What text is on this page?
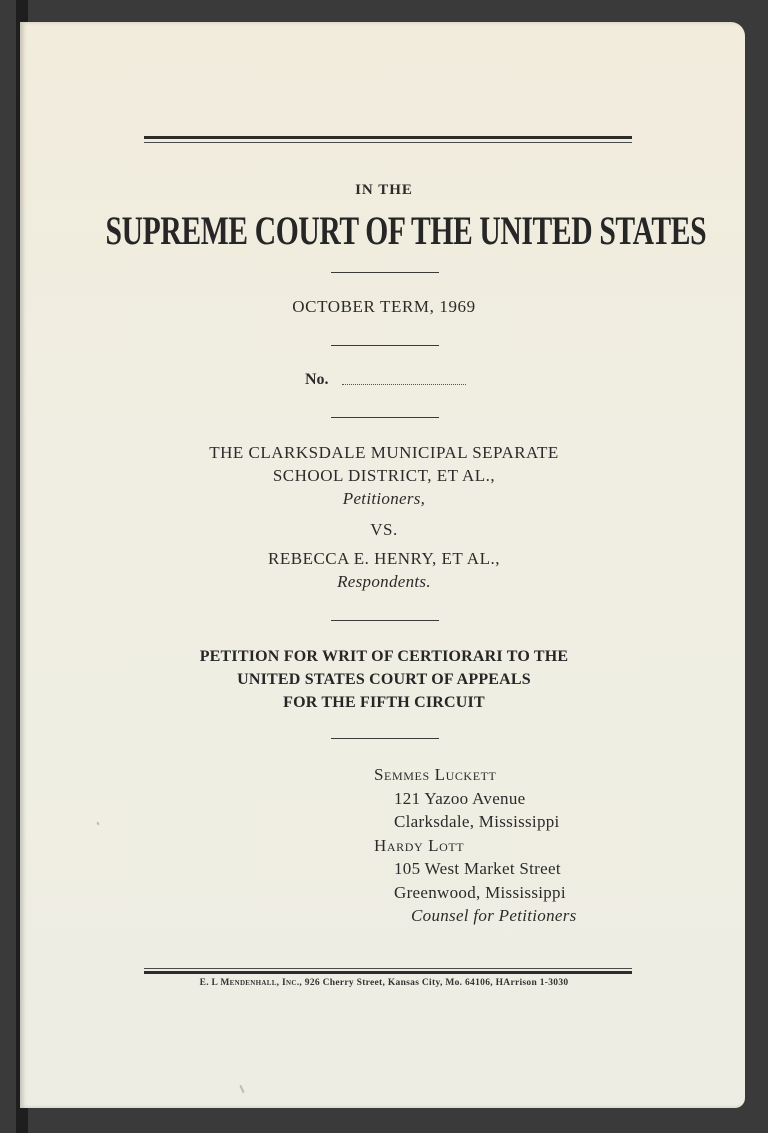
IN THE
SUPREME COURT OF THE UNITED STATES
OCTOBER TERM, 1969
No.
THE CLARKSDALE MUNICIPAL SEPARATE
SCHOOL DISTRICT, ET AL.,
Petitioners,
VS.
REBECCA E. HENRY, ET AL.,
Respondents.
PETITION FOR WRIT OF CERTIORARI TO THE
UNITED STATES COURT OF APPEALS
FOR THE FIFTH CIRCUIT
Semmes Luckett
121 Yazoo Avenue
Clarksdale, Mississippi
Hardy Lott
105 West Market Street
Greenwood, Mississippi
Counsel for Petitioners
E. L Mendenhall, Inc., 926 Cherry Street, Kansas City, Mo. 64106, HArrison 1-3030
